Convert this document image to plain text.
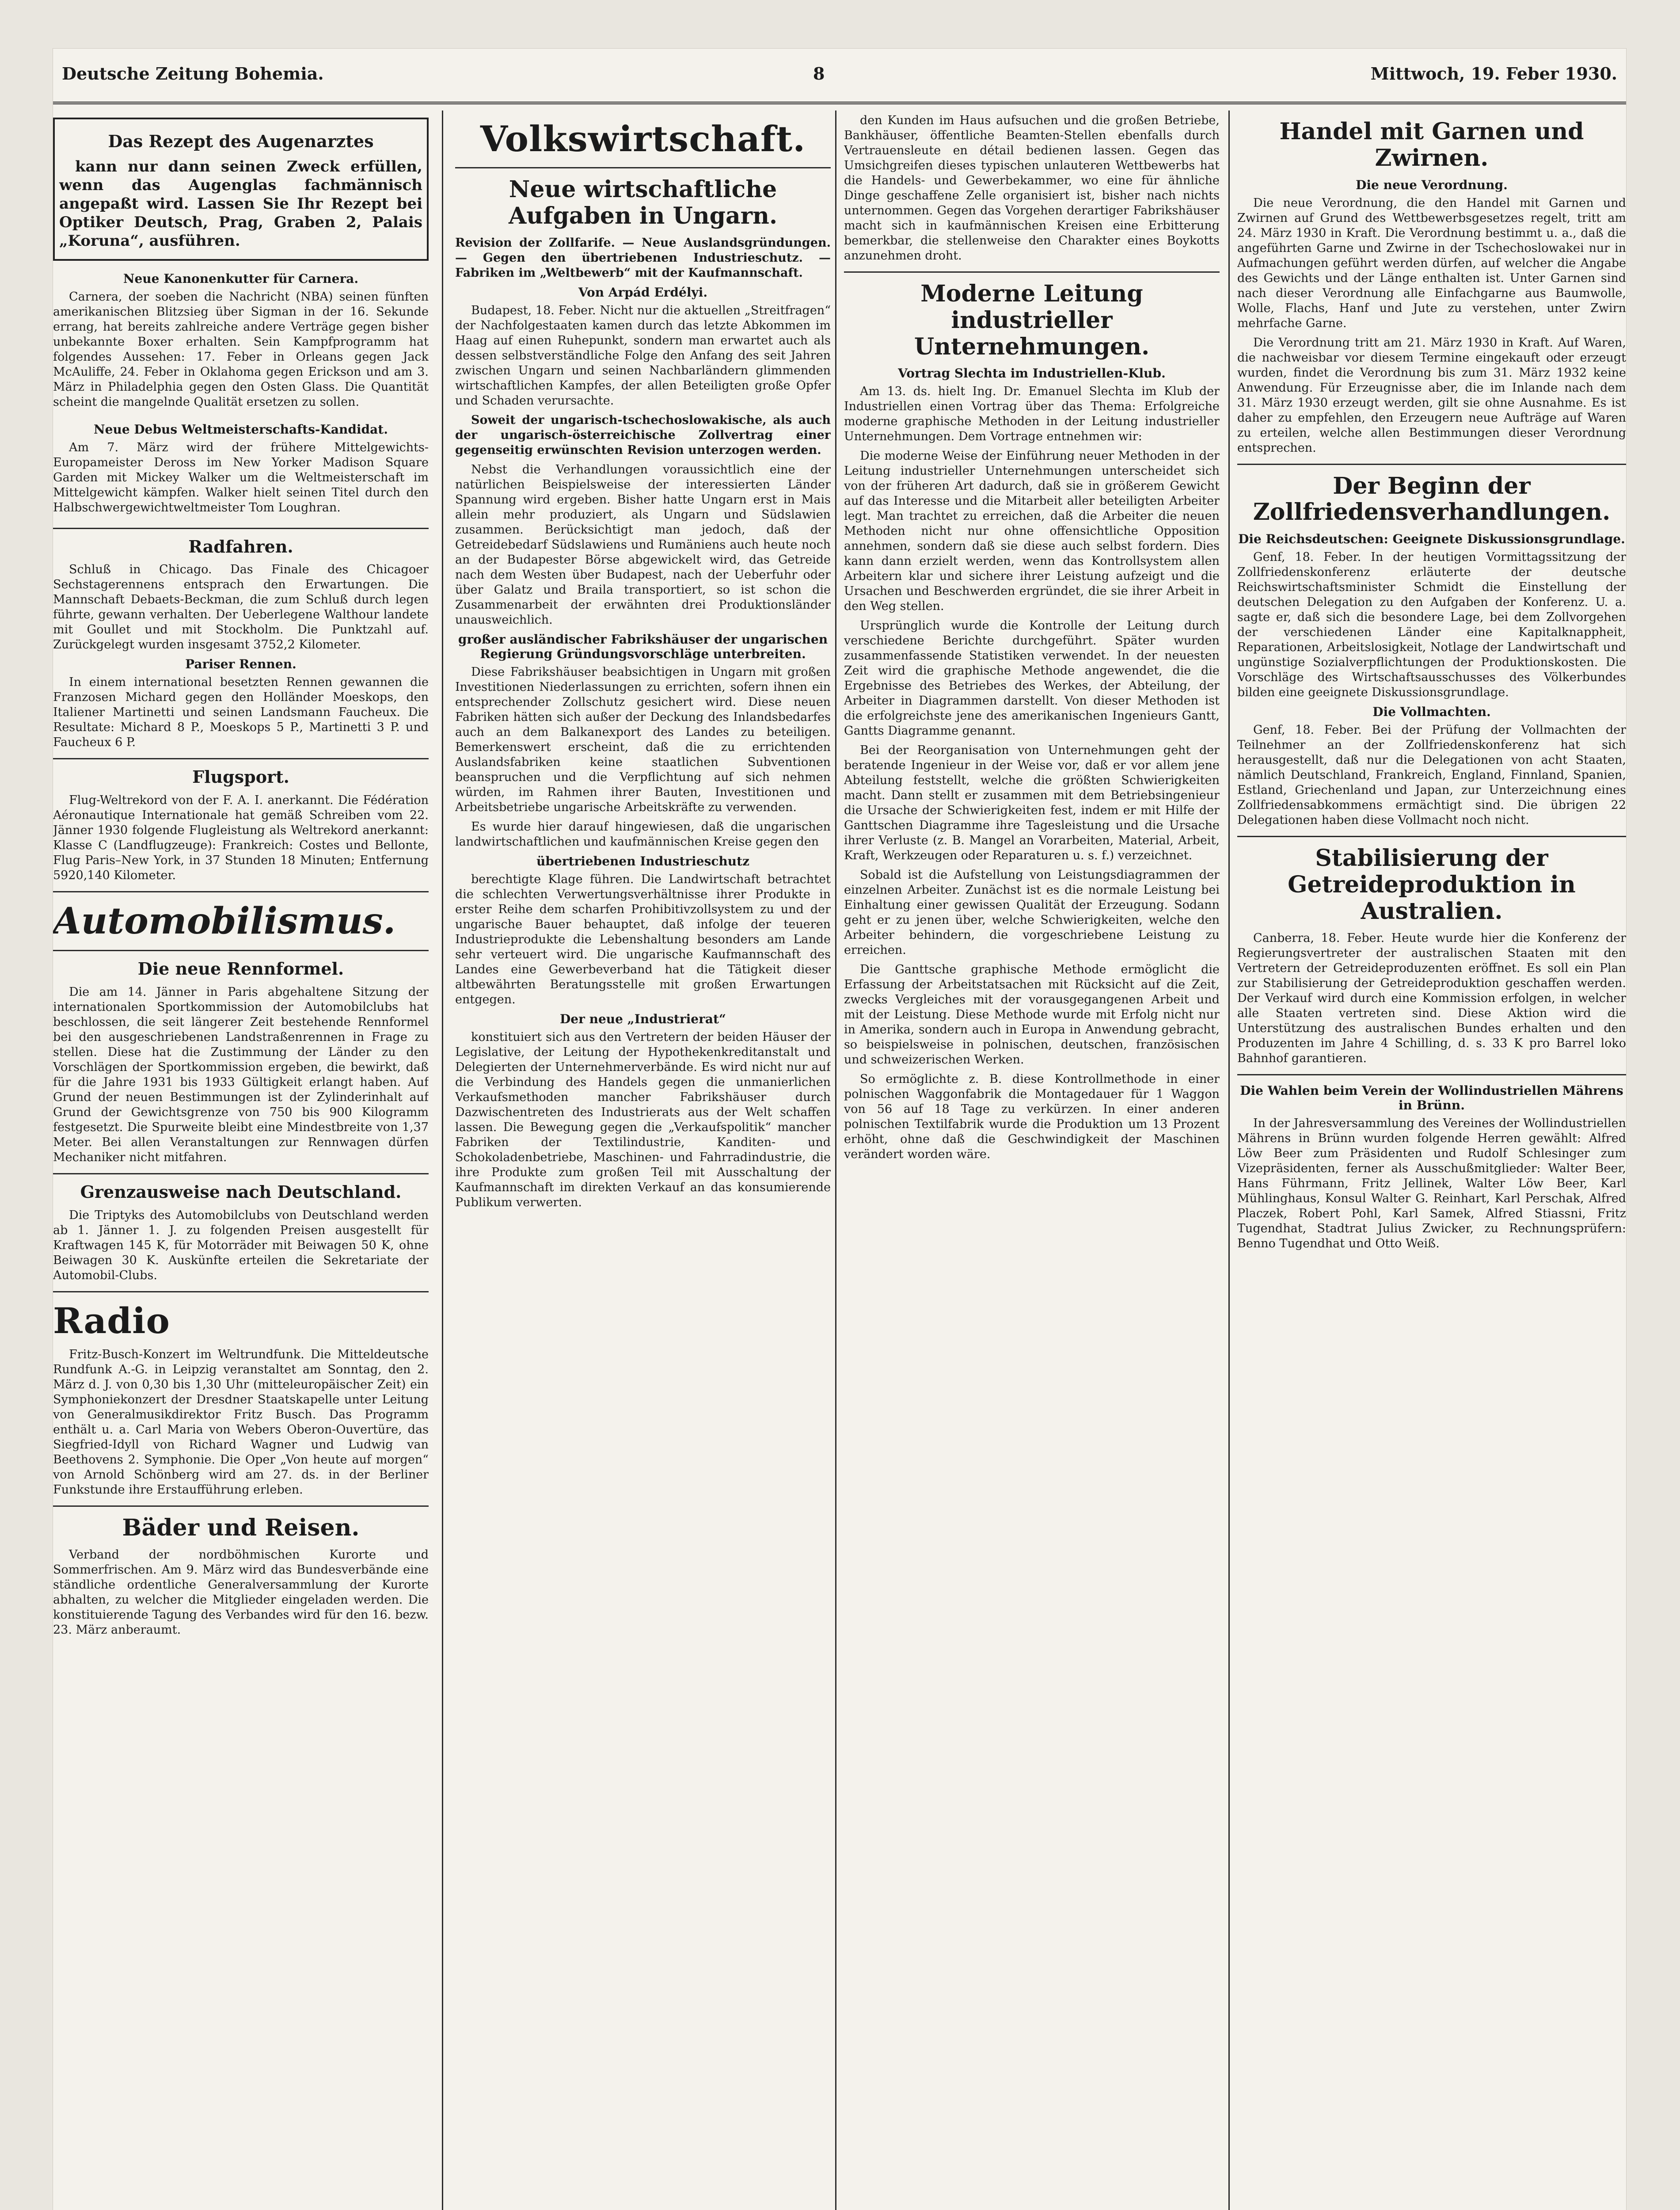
Deutsche Zeitung Bohemia.	8	Mittwoch, 19. Feber 1930.
Das Rezept des Augenarztes
kann nur dann seinen Zweck erfüllen, wenn das Augenglas fachmännisch angepaßt wird. Lassen Sie Ihr Rezept bei Optiker Deutsch, Prag, Graben 2, Palais „Koruna“, ausführen.
Neue Kanonenkutter für Carnera.
Carnera, der soeben die Nachricht (NBA) seinen fünften amerikanischen Blitzsieg über Sigman in der 16. Sekunde errang, hat bereits zahlreiche andere Verträge gegen bisher unbekannte Boxer erhalten. Sein Kampfprogramm hat folgendes Aussehen: 17. Feber in Orleans gegen Jack McAuliffe, 24. Feber in Oklahoma gegen Erickson und am 3. März in Philadelphia gegen den Osten Glass. Die Quantität scheint die mangelnde Qualität ersetzen zu sollen.
Neue Debus Weltmeisterschafts-Kandidat.
Am 7. März wird der frühere Mittelgewichts-Europameister Deross im New Yorker Madison Square Garden mit Mickey Walker um die Weltmeisterschaft im Mittelgewicht kämpfen. Walker hielt seinen Titel durch den Halbschwergewichtweltmeister Tom Loughran.
Radfahren.
Schluß in Chicago. Das Finale des Chicagoer Sechstagerennens entsprach den Erwartungen. Die Mannschaft Debaets-Beckman, die zum Schluß durch legen führte, gewann verhalten. Der Ueberlegene Walthour landete mit Goullet und mit Stockholm. Die Punktzahl auf. Zurückgelegt wurden insgesamt 3752,2 Kilometer.
Pariser Rennen.
In einem international besetzten Rennen gewannen die Franzosen Michard gegen den Holländer Moeskops, den Italiener Martinetti und seinen Landsmann Faucheux. Die Resultate: Michard 8 P., Moeskops 5 P., Martinetti 3 P. und Faucheux 6 P.
Flugsport.
Flug-Weltrekord von der F. A. I. anerkannt. Die Fédération Aéronautique Internationale hat gemäß Schreiben vom 22. Jänner 1930 folgende Flugleistung als Weltrekord anerkannt: Klasse C (Landflugzeuge): Frankreich: Costes und Bellonte, Flug Paris–New York, in 37 Stunden 18 Minuten; Entfernung 5920,140 Kilometer.
Automobilismus.
Die neue Rennformel.
Die am 14. Jänner in Paris abgehaltene Sitzung der internationalen Sportkommission der Automobilclubs hat beschlossen, die seit längerer Zeit bestehende Rennformel bei den ausgeschriebenen Landstraßenrennen in Frage zu stellen. Diese hat die Zustimmung der Länder zu den Vorschlägen der Sportkommission ergeben, die bewirkt, daß für die Jahre 1931 bis 1933 Gültigkeit erlangt haben. Auf Grund der neuen Bestimmungen ist der Zylinderinhalt auf Grund der Gewichtsgrenze von 750 bis 900 Kilogramm festgesetzt. Die Spurweite bleibt eine Mindestbreite von 1,37 Meter. Bei allen Veranstaltungen zur Rennwagen dürfen Mechaniker nicht mitfahren.
Grenzausweise nach Deutschland.
Die Triptyks des Automobilclubs von Deutschland werden ab 1. Jänner 1. J. zu folgenden Preisen ausgestellt für Kraftwagen 145 K, für Motorräder mit Beiwagen 50 K, ohne Beiwagen 30 K. Auskünfte erteilen die Sekretariate der Automobil-Clubs.
Radio
Fritz-Busch-Konzert im Weltrundfunk. Die Mitteldeutsche Rundfunk A.-G. in Leipzig veranstaltet am Sonntag, den 2. März d. J. von 0,30 bis 1,30 Uhr (mitteleuropäischer Zeit) ein Symphoniekonzert der Dresdner Staatskapelle unter Leitung von Generalmusikdirektor Fritz Busch. Das Programm enthält u. a. Carl Maria von Webers Oberon-Ouvertüre, das Siegfried-Idyll von Richard Wagner und Ludwig van Beethovens 2. Symphonie. Die Oper „Von heute auf morgen“ von Arnold Schönberg wird am 27. ds. in der Berliner Funkstunde ihre Erstaufführung erleben.
Bäder und Reisen.
Verband der nordböhmischen Kurorte und Sommerfrischen. Am 9. März wird das Bundesverbände eine ständliche ordentliche Generalversammlung der Kurorte abhalten, zu welcher die Mitglieder eingeladen werden. Die konstituierende Tagung des Verbandes wird für den 16. bezw. 23. März anberaumt.
Volkswirtschaft.
Neue wirtschaftliche Aufgaben in Ungarn.
Revision der Zollfarife. — Neue Auslandsgründungen. — Gegen den übertriebenen Industrieschutz. — Fabriken im „Weltbewerb“ mit der Kaufmannschaft.
Von Arpád Erdélyi.
Budapest, 18. Feber. Nicht nur die aktuellen „Streitfragen“ der Nachfolgestaaten kamen durch das letzte Abkommen im Haag auf einen Ruhepunkt, sondern man erwartet auch als dessen selbstverständliche Folge den Anfang des seit Jahren zwischen Ungarn und seinen Nachbarländern glimmenden wirtschaftlichen Kampfes, der allen Beteiligten große Opfer und Schaden verursachte.
Soweit der ungarisch-tschechoslowakische, als auch der ungarisch-österreichische Zollvertrag einer gegenseitig erwünschten Revision unterzogen werden.
Nebst die Verhandlungen voraussichtlich eine der natürlichen Beispielsweise der interessierten Länder Spannung wird ergeben. Bisher hatte Ungarn erst in Mais allein mehr produziert, als Ungarn und Südslawien zusammen. Berücksichtigt man jedoch, daß der Getreidebedarf Südslawiens und Rumäniens auch heute noch an der Budapester Börse abgewickelt wird, das Getreide nach dem Westen über Budapest, nach der Ueberfuhr oder über Galatz und Braila transportiert, so ist schon die Zusammenarbeit der erwähnten drei Produktionsländer unausweichlich.
großer ausländischer Fabrikshäuser der ungarischen Regierung Gründungsvorschläge unterbreiten.
Diese Fabrikshäuser beabsichtigen in Ungarn mit großen Investitionen Niederlassungen zu errichten, sofern ihnen ein entsprechender Zollschutz gesichert wird. Diese neuen Fabriken hätten sich außer der Deckung des Inlandsbedarfes auch an dem Balkanexport des Landes zu beteiligen. Bemerkenswert erscheint, daß die zu errichtenden Auslandsfabriken keine staatlichen Subventionen beanspruchen und die Verpflichtung auf sich nehmen würden, im Rahmen ihrer Bauten, Investitionen und Arbeitsbetriebe ungarische Arbeitskräfte zu verwenden.
Es wurde hier darauf hingewiesen, daß die ungarischen landwirtschaftlichen und kaufmännischen Kreise gegen den
übertriebenen Industrieschutz
berechtigte Klage führen. Die Landwirtschaft betrachtet die schlechten Verwertungsverhältnisse ihrer Produkte in erster Reihe dem scharfen Prohibitivzollsystem zu und der ungarische Bauer behauptet, daß infolge der teueren Industrieprodukte die Lebenshaltung besonders am Lande sehr verteuert wird. Die ungarische Kaufmannschaft des Landes eine Gewerbeverband hat die Tätigkeit dieser altbewährten Beratungsstelle mit großen Erwartungen entgegen.
Der neue „Industrierat“
konstituiert sich aus den Vertretern der beiden Häuser der Legislative, der Leitung der Hypothekenkreditanstalt und Delegierten der Unternehmerverbände. Es wird nicht nur auf die Verbindung des Handels gegen die unmanierlichen Verkaufsmethoden mancher Fabrikshäuser durch Dazwischentreten des Industrierats aus der Welt schaffen lassen. Die Bewegung gegen die „Verkaufspolitik“ mancher Fabriken der Textilindustrie, Kanditen- und Schokoladenbetriebe, Maschinen- und Fahrradindustrie, die ihre Produkte zum großen Teil mit Ausschaltung der Kaufmannschaft im direkten Verkauf an das konsumierende Publikum verwerten.
den Kunden im Haus aufsuchen und die großen Betriebe, Bankhäuser, öffentliche Beamten-Stellen ebenfalls durch Vertrauensleute en détail bedienen lassen. Gegen das Umsichgreifen dieses typischen unlauteren Wettbewerbs hat die Handels- und Gewerbekammer, wo eine für ähnliche Dinge geschaffene Zelle organisiert ist, bisher nach nichts unternommen. Gegen das Vorgehen derartiger Fabrikshäuser macht sich in kaufmännischen Kreisen eine Erbitterung bemerkbar, die stellenweise den Charakter eines Boykotts anzunehmen droht.
Moderne Leitung industrieller Unternehmungen.
Vortrag Slechta im Industriellen-Klub.
Am 13. ds. hielt Ing. Dr. Emanuel Slechta im Klub der Industriellen einen Vortrag über das Thema: Erfolgreiche moderne graphische Methoden in der Leitung industrieller Unternehmungen. Dem Vortrage entnehmen wir:
Die moderne Weise der Einführung neuer Methoden in der Leitung industrieller Unternehmungen unterscheidet sich von der früheren Art dadurch, daß sie in größerem Gewicht auf das Interesse und die Mitarbeit aller beteiligten Arbeiter legt. Man trachtet zu erreichen, daß die Arbeiter die neuen Methoden nicht nur ohne offensichtliche Opposition annehmen, sondern daß sie diese auch selbst fordern. Dies kann dann erzielt werden, wenn das Kontrollsystem allen Arbeitern klar und sichere ihrer Leistung aufzeigt und die Ursachen und Beschwerden ergründet, die sie ihrer Arbeit in den Weg stellen.
Ursprünglich wurde die Kontrolle der Leitung durch verschiedene Berichte durchgeführt. Später wurden zusammenfassende Statistiken verwendet. In der neuesten Zeit wird die graphische Methode angewendet, die die Ergebnisse des Betriebes des Werkes, der Abteilung, der Arbeiter in Diagrammen darstellt. Von dieser Methoden ist die erfolgreichste jene des amerikanischen Ingenieurs Gantt, Gantts Diagramme genannt.
Bei der Reorganisation von Unternehmungen geht der beratende Ingenieur in der Weise vor, daß er vor allem jene Abteilung feststellt, welche die größten Schwierigkeiten macht. Dann stellt er zusammen mit dem Betriebsingenieur die Ursache der Schwierigkeiten fest, indem er mit Hilfe der Ganttschen Diagramme ihre Tagesleistung und die Ursache ihrer Verluste (z. B. Mangel an Vorarbeiten, Material, Arbeit, Kraft, Werkzeugen oder Reparaturen u. s. f.) verzeichnet.
Sobald ist die Aufstellung von Leistungsdiagrammen der einzelnen Arbeiter. Zunächst ist es die normale Leistung bei Einhaltung einer gewissen Qualität der Erzeugung. Sodann geht er zu jenen über, welche Schwierigkeiten, welche den Arbeiter behindern, die vorgeschriebene Leistung zu erreichen.
Die Ganttsche graphische Methode ermöglicht die Erfassung der Arbeitstatsachen mit Rücksicht auf die Zeit, zwecks Vergleiches mit der vorausgegangenen Arbeit und mit der Leistung. Diese Methode wurde mit Erfolg nicht nur in Amerika, sondern auch in Europa in Anwendung gebracht, so beispielsweise in polnischen, deutschen, französischen und schweizerischen Werken.
So ermöglichte z. B. diese Kontrollmethode in einer polnischen Waggonfabrik die Montagedauer für 1 Waggon von 56 auf 18 Tage zu verkürzen. In einer anderen polnischen Textilfabrik wurde die Produktion um 13 Prozent erhöht, ohne daß die Geschwindigkeit der Maschinen verändert worden wäre.
Handel mit Garnen und Zwirnen.
Die neue Verordnung.
Die neue Verordnung, die den Handel mit Garnen und Zwirnen auf Grund des Wettbewerbsgesetzes regelt, tritt am 24. März 1930 in Kraft. Die Verordnung bestimmt u. a., daß die angeführten Garne und Zwirne in der Tschechoslowakei nur in Aufmachungen geführt werden dürfen, auf welcher die Angabe des Gewichts und der Länge enthalten ist. Unter Garnen sind nach dieser Verordnung alle Einfachgarne aus Baumwolle, Wolle, Flachs, Hanf und Jute zu verstehen, unter Zwirn mehrfache Garne.
Die Verordnung tritt am 21. März 1930 in Kraft. Auf Waren, die nachweisbar vor diesem Termine eingekauft oder erzeugt wurden, findet die Verordnung bis zum 31. März 1932 keine Anwendung. Für Erzeugnisse aber, die im Inlande nach dem 31. März 1930 erzeugt werden, gilt sie ohne Ausnahme. Es ist daher zu empfehlen, den Erzeugern neue Aufträge auf Waren zu erteilen, welche allen Bestimmungen dieser Verordnung entsprechen.
Der Beginn der Zollfriedensverhandlungen.
Die Reichsdeutschen: Geeignete Diskussionsgrundlage.
Genf, 18. Feber. In der heutigen Vormittagssitzung der Zollfriedenskonferenz erläuterte der deutsche Reichswirtschaftsminister Schmidt die Einstellung der deutschen Delegation zu den Aufgaben der Konferenz. U. a. sagte er, daß sich die besondere Lage, bei dem Zollvorgehen der verschiedenen Länder eine Kapitalknappheit, Reparationen, Arbeitslosigkeit, Notlage der Landwirtschaft und ungünstige Sozialverpflichtungen der Produktionskosten. Die Vorschläge des Wirtschaftsausschusses des Völkerbundes bilden eine geeignete Diskussionsgrundlage.
Die Vollmachten.
Genf, 18. Feber. Bei der Prüfung der Vollmachten der Teilnehmer an der Zollfriedenskonferenz hat sich herausgestellt, daß nur die Delegationen von acht Staaten, nämlich Deutschland, Frankreich, England, Finnland, Spanien, Estland, Griechenland und Japan, zur Unterzeichnung eines Zollfriedensabkommens ermächtigt sind. Die übrigen 22 Delegationen haben diese Vollmacht noch nicht.
Stabilisierung der Getreideproduktion in Australien.
Canberra, 18. Feber. Heute wurde hier die Konferenz der Regierungsvertreter der australischen Staaten mit den Vertretern der Getreideproduzenten eröffnet. Es soll ein Plan zur Stabilisierung der Getreideproduktion geschaffen werden. Der Verkauf wird durch eine Kommission erfolgen, in welcher alle Staaten vertreten sind. Diese Aktion wird die Unterstützung des australischen Bundes erhalten und den Produzenten im Jahre 4 Schilling, d. s. 33 K pro Barrel loko Bahnhof garantieren.
Die Wahlen beim Verein der Wollindustriellen Mährens in Brünn.
In der Jahresversammlung des Vereines der Wollindustriellen Mährens in Brünn wurden folgende Herren gewählt: Alfred Löw Beer zum Präsidenten und Rudolf Schlesinger zum Vizepräsidenten, ferner als Ausschußmitglieder: Walter Beer, Hans Führmann, Fritz Jellinek, Walter Löw Beer, Karl Mühlinghaus, Konsul Walter G. Reinhart, Karl Perschak, Alfred Placzek, Robert Pohl, Karl Samek, Alfred Stiassni, Fritz Tugendhat, Stadtrat Julius Zwicker, zu Rechnungsprüfern: Benno Tugendhat und Otto Weiß.
